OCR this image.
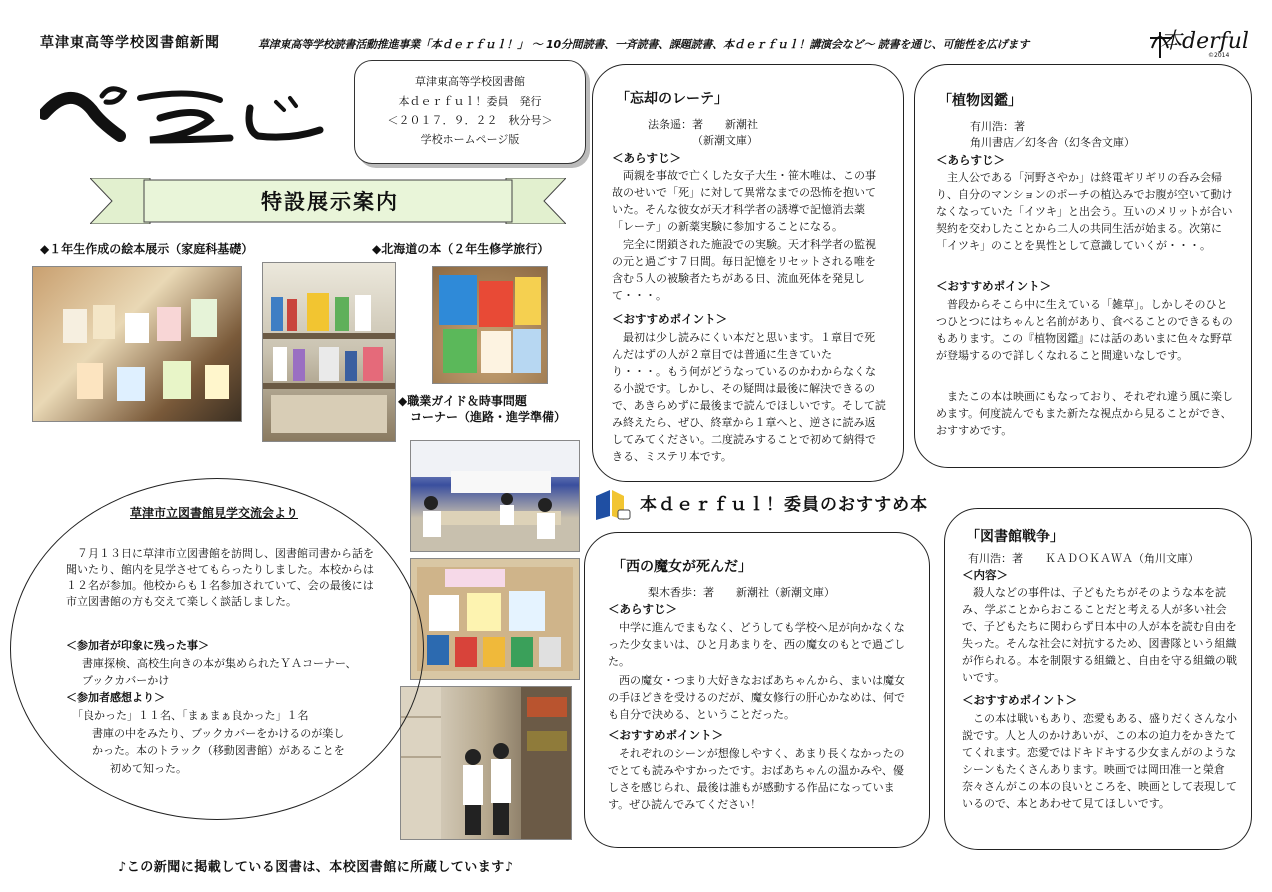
草津東高等学校図書館新聞	草津東高等学校読書活動推進事業「本ｄｅｒｆｕｌ！」 〜 10分間読書、一斉読書、課題読書、本ｄｅｒｆｕｌ！講演会など〜 読書を通じ、可能性を広げます	本derful
©2014
草津東高等学校図書館
本ｄｅｒｆｕｌ！委員　発行
＜２０１７．９．２２　秋分号＞
学校ホームページ版
特設展示案内
◆１年生作成の絵本展示（家庭科基礎）	◆北海道の本（２年生修学旅行）
◆職業ガイド＆時事問題
コーナー（進路・進学準備）
草津市立図書館見学交流会より
　７月１３日に草津市立図書館を訪問し、図書館司書から話を聞いたり、館内を見学させてもらったりしました。本校からは１２名が参加。他校からも１名参加されていて、会の最後には市立図書館の方も交えて楽しく談話しました。
＜参加者が印象に残った事＞
書庫探検、高校生向きの本が集められたＹＡコーナー、
ブックカバーかけ
＜参加者感想より＞
「良かった」１１名、「まぁまぁ良かった」１名
書庫の中をみたり、ブックカバーをかけるのが楽し
かった。本のトラック（移動図書館）があることを
初めて知った。
「忘却のレーテ」
法条遥：著　　新潮社
（新潮文庫）
＜あらすじ＞
　両親を事故で亡くした女子大生・笹木唯は、この事故のせいで「死」に対して異常なまでの恐怖を抱いていた。そんな彼女が天才科学者の誘導で記憶消去薬「レーテ」の新薬実験に参加することになる。
　完全に閉鎖された施設での実験。天才科学者の監視の元と過ごす７日間。毎日記憶をリセットされる唯を含む５人の被験者たちがある日、流血死体を発見して・・・。
＜おすすめポイント＞
　最初は少し読みにくい本だと思います。１章目で死んだはずの人が２章目では普通に生きていたり・・・。もう何がどうなっているのかわからなくなる小説です。しかし、その疑問は最後に解決できるので、あきらめずに最後まで読んでほしいです。そして読み終えたら、ぜひ、終章から１章へと、逆さに読み返してみてください。二度読みすることで初めて納得できる、ミステリ本です。
「植物図鑑」
有川浩：著
角川書店／幻冬舎（幻冬舎文庫）
＜あらすじ＞
　主人公である「河野さやか」は終電ギリギリの呑み会帰り、自分のマンションのポーチの植込みでお腹が空いて動けなくなっていた「イツキ」と出会う。互いのメリットが合い契約を交わしたことから二人の共同生活が始まる。次第に「イツキ」のことを異性として意識していくが・・・。
＜おすすめポイント＞
　普段からそこら中に生えている「雑草」。しかしそのひとつひとつにはちゃんと名前があり、食べることのできるものもあります。この『植物図鑑』には話のあいまに色々な野草が登場するので詳しくなれること間違いなしです。
　またこの本は映画にもなっており、それぞれ違う風に楽しめます。何度読んでもまた新たな視点から見ることができ、おすすめです。
本ｄｅｒｆｕｌ！委員のおすすめ本
「西の魔女が死んだ」
梨木香歩：著　　新潮社（新潮文庫）
＜あらすじ＞
　中学に進んでまもなく、どうしても学校へ足が向かなくなった少女まいは、ひと月あまりを、西の魔女のもとで過ごした。
　西の魔女・つまり大好きなおばあちゃんから、まいは魔女の手ほどきを受けるのだが、魔女修行の肝心かなめは、何でも自分で決める、ということだった。
＜おすすめポイント＞
　それぞれのシーンが想像しやすく、あまり長くなかったのでとても読みやすかったです。おばあちゃんの温かみや、優しさを感じられ、最後は誰もが感動する作品になっています。ぜひ読んでみてください！
「図書館戦争」
有川浩：著　　ＫＡＤＯＫＡＷＡ（角川文庫）
＜内容＞
　殺人などの事件は、子どもたちがそのような本を読み、学ぶことからおこることだと考える人が多い社会で、子どもたちに関わらず日本中の人が本を読む自由を失った。そんな社会に対抗するため、図書隊という組織が作られる。本を制限する組織と、自由を守る組織の戦いです。
＜おすすめポイント＞
　この本は戦いもあり、恋愛もある、盛りだくさんな小説です。人と人のかけあいが、この本の迫力をかきたててくれます。恋愛ではドキドキする少女まんがのようなシーンもたくさんあります。映画では岡田准一と榮倉奈々さんがこの本の良いところを、映画として表現しているので、本とあわせて見てほしいです。
♪この新聞に掲載している図書は、本校図書館に所蔵しています♪
